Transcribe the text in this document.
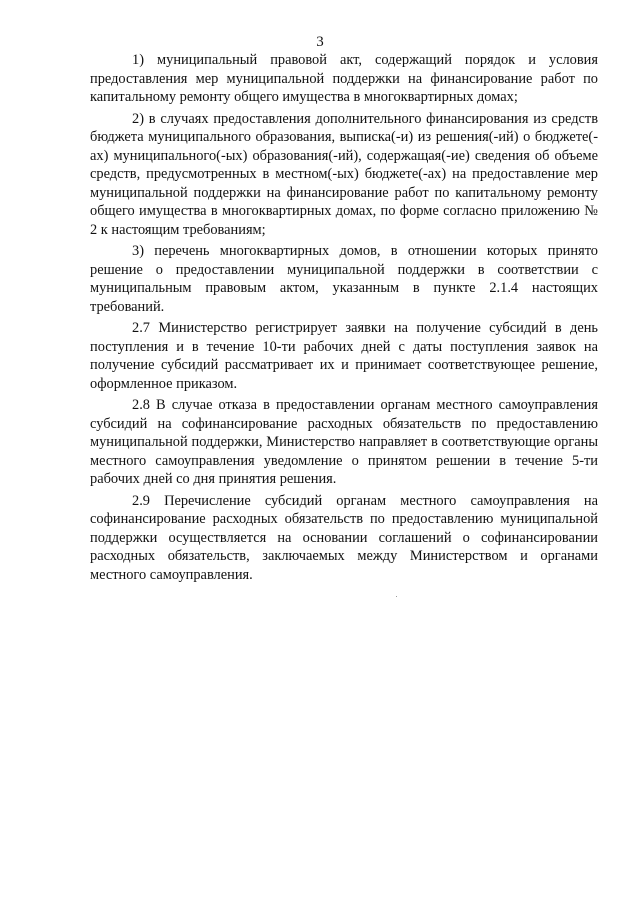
3

1) муниципальный правовой акт, содержащий порядок и условия предоставления мер муниципальной поддержки на финансирование работ по капитальному ремонту общего имущества в многоквартирных домах;

2) в случаях предоставления дополнительного финансирования из средств бюджета муниципального образования, выписка(-и) из решения(-ий) о бюджете(-ах) муниципального(-ых) образования(-ий), содержащая(-ие) сведения об объеме средств, предусмотренных в местном(-ых) бюджете(-ах) на предоставление мер муниципальной поддержки на финансирование работ по капитальному ремонту общего имущества в многоквартирных домах, по форме согласно приложению № 2 к настоящим требованиям;

3) перечень многоквартирных домов, в отношении которых принято решение о предоставлении муниципальной поддержки в соответствии с муниципальным правовым актом, указанным в пункте 2.1.4 настоящих требований.

2.7 Министерство регистрирует заявки на получение субсидий в день поступления и в течение 10-ти рабочих дней с даты поступления заявок на получение субсидий рассматривает их и принимает соответствующее решение, оформленное приказом.

2.8 В случае отказа в предоставлении органам местного самоуправления субсидий на софинансирование расходных обязательств по предоставлению муниципальной поддержки, Министерство направляет в соответствующие органы местного самоуправления уведомление о принятом решении в течение 5-ти рабочих дней со дня принятия решения.

2.9 Перечисление субсидий органам местного самоуправления на софинансирование расходных обязательств по предоставлению муниципальной поддержки осуществляется на основании соглашений о софинансировании расходных обязательств, заключаемых между Министерством и органами местного самоуправления.
